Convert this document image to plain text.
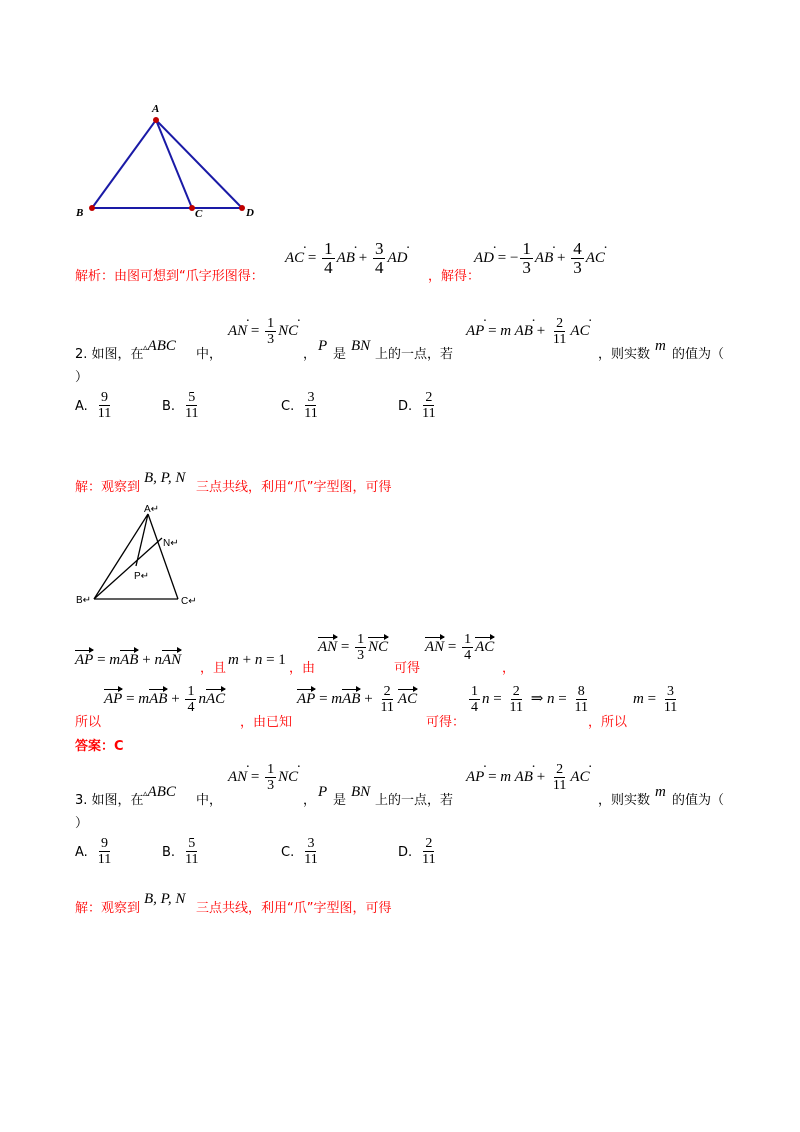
A
B	C	D
解析：由图可想到“爪字形图得：
AC · = $\frac{1}{4}$ AB · + $\frac{3}{4}$ AD ·
，解得：
AD · = − $\frac{1}{3}$ AB · + $\frac{4}{3}$ AC ·
2. 如图，在 ▵ABC
中，
AN · = $\frac{1}{3}$ NC ·
，
P
是
BN
上的一点，若
AP · = m AB · + $\frac{2}{11}$ AC ·
，则实数
m
的值为（
）
A. $\frac{9}{11}$	B. $\frac{5}{11}$	C. $\frac{3}{11}$	D. $\frac{2}{11}$
解：观察到
B, P, N
三点共线，利用“爪”字型图，可得
A↵
N↵
P↵
B↵	C↵
AP = mAB + nAN
，且
m + n = 1
，由
AN = $\frac{1}{3}$ NC
可得
AN = $\frac{1}{4}$ AC
，
所以
AP = mAB + $\frac{1}{4}$ nAC
，由已知
AP = mAB + $\frac{2}{11}$ AC
可得：
$\frac{1}{4}$ $n = \frac{2}{11}$ ⇒ $n = \frac{8}{11}$
，所以
$m = \frac{3}{11}$
答案：C
3. 如图，在 ▵ABC
中，
AN · = $\frac{1}{3}$ NC ·
，
P
是
BN
上的一点，若
AP · = m AB · + $\frac{2}{11}$ AC ·
，则实数
m
的值为（
）
A. $\frac{9}{11}$	B. $\frac{5}{11}$	C. $\frac{3}{11}$	D. $\frac{2}{11}$
解：观察到
B, P, N
三点共线，利用“爪”字型图，可得
